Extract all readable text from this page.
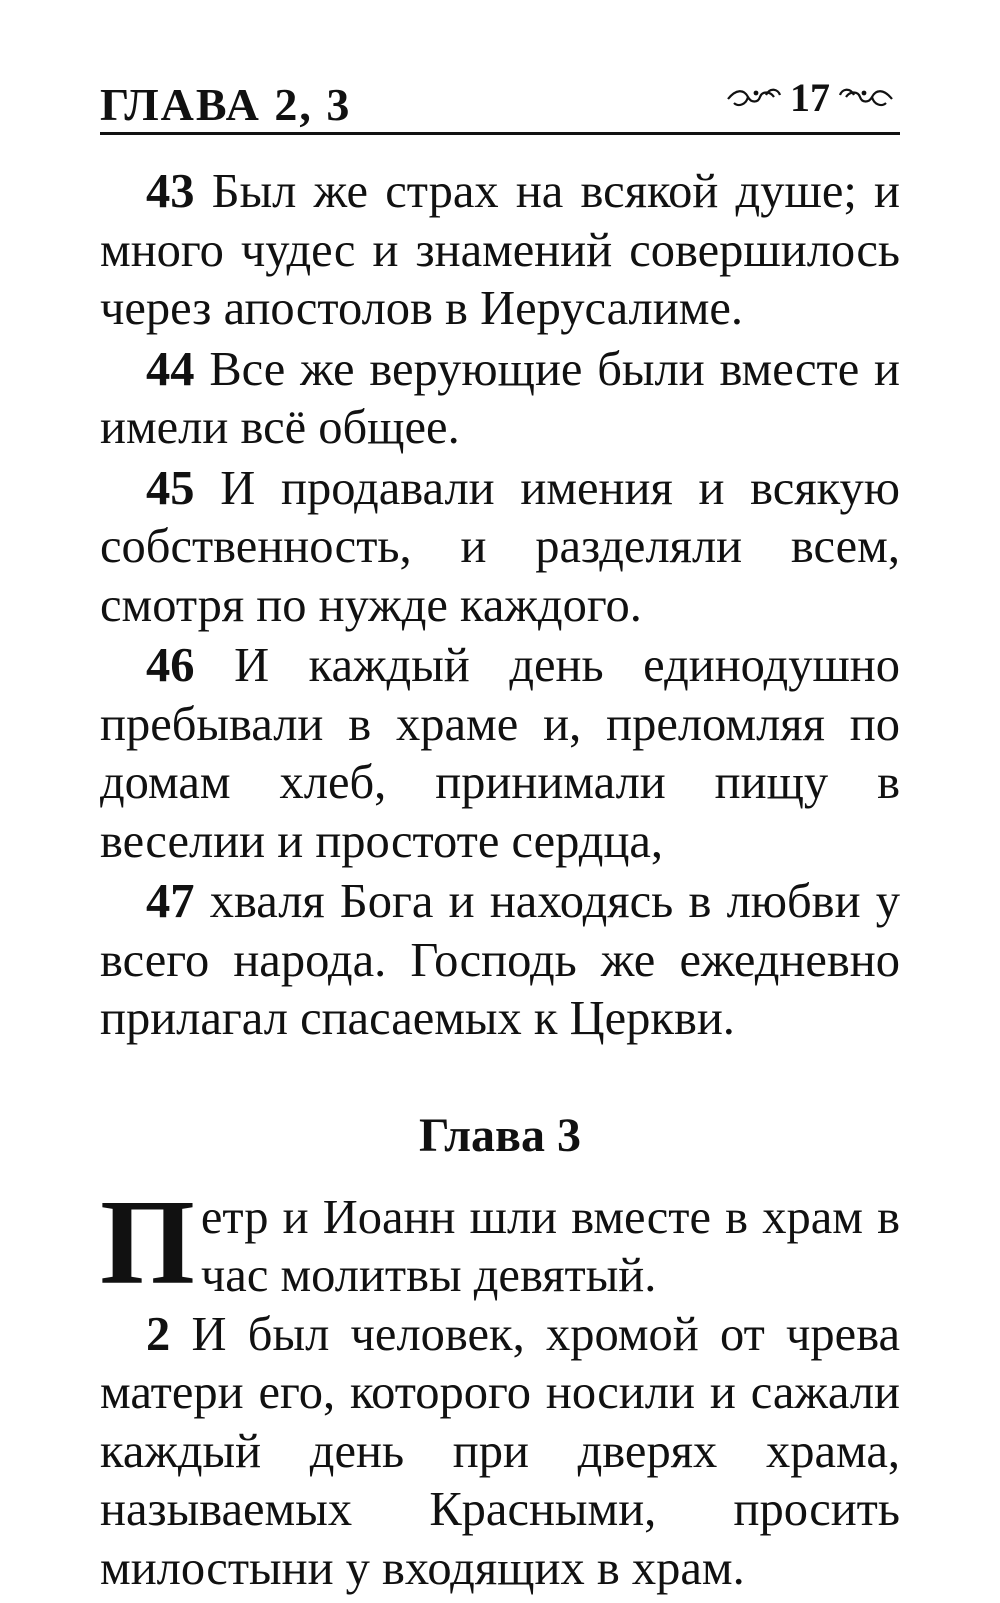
ГЛАВА 2, 3	17

43 Был же страх на всякой душе; и много чудес и знамений совершилось через апостолов в Иерусалиме.

44 Все же верующие были вместе и имели всё общее.

45 И продавали имения и всякую собственность, и разделяли всем, смотря по нужде каждого.

46 И каждый день единодушно пребывали в храме и, преломляя по домам хлеб, принимали пищу в веселии и простоте сердца,

47 хваля Бога и находясь в любви у всего народа. Господь же ежедневно прилагал спасаемых к Церкви.

Глава 3

Петр и Иоанн шли вместе в храм в час молитвы девятый.

2 И был человек, хромой от чрева матери его, которого носили и сажали каждый день при дверях храма, называемых Красными, просить милостыни у входящих в храм.
